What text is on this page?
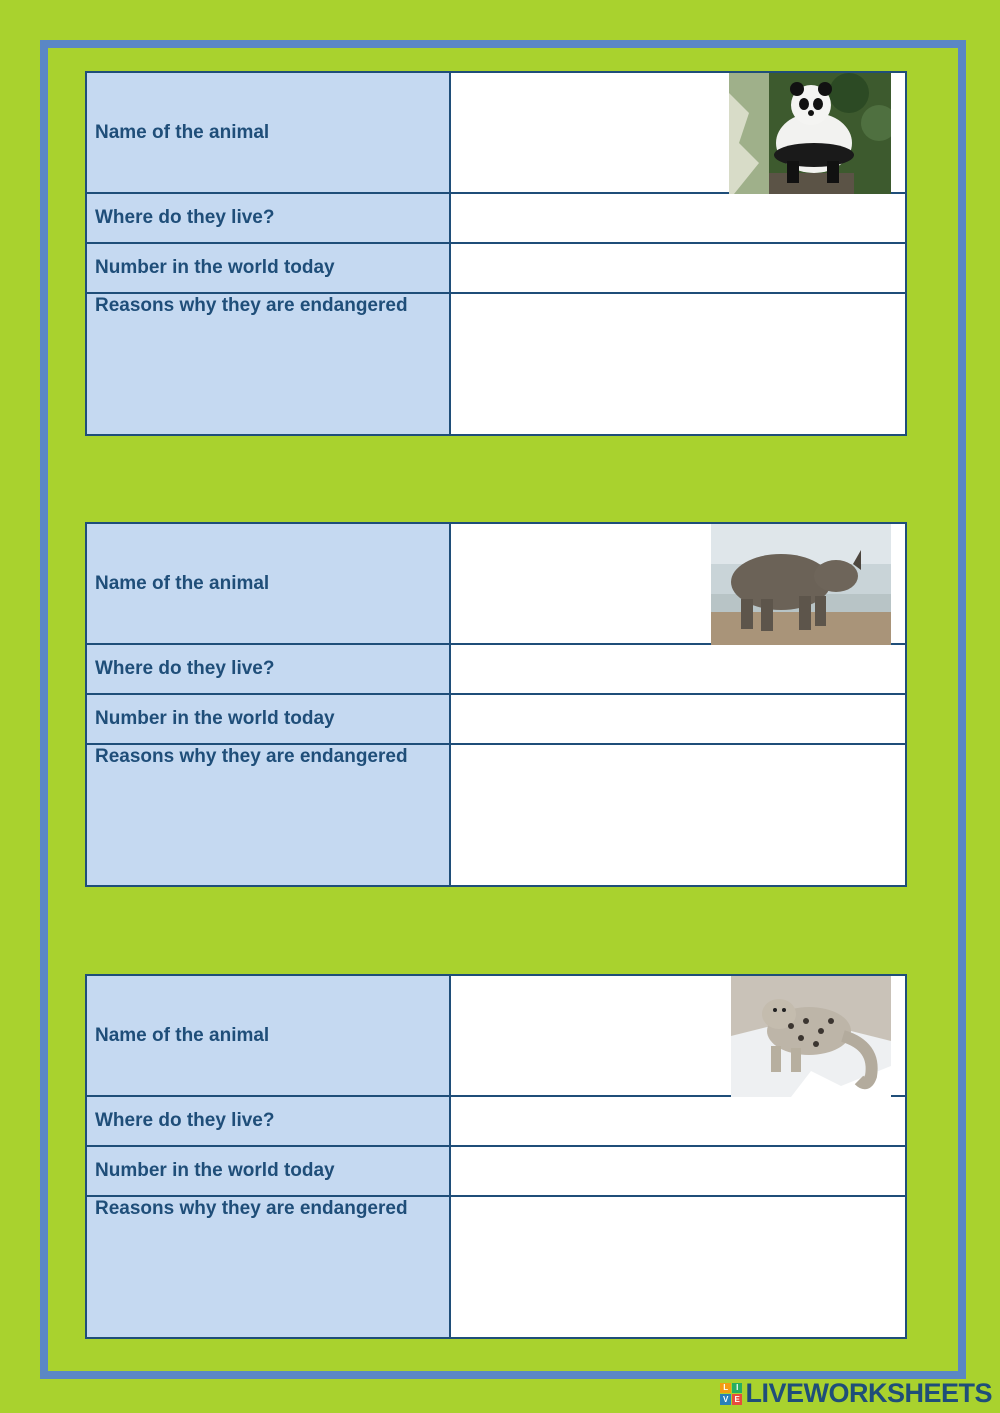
Name of the animal
Where do they live?
Number in the world today
Reasons why they are endangered
Name of the animal
Where do they live?
Number in the world today
Reasons why they are endangered
Name of the animal
Where do they live?
Number in the world today
Reasons why they are endangered
L I
V E LIVEWORKSHEETS
